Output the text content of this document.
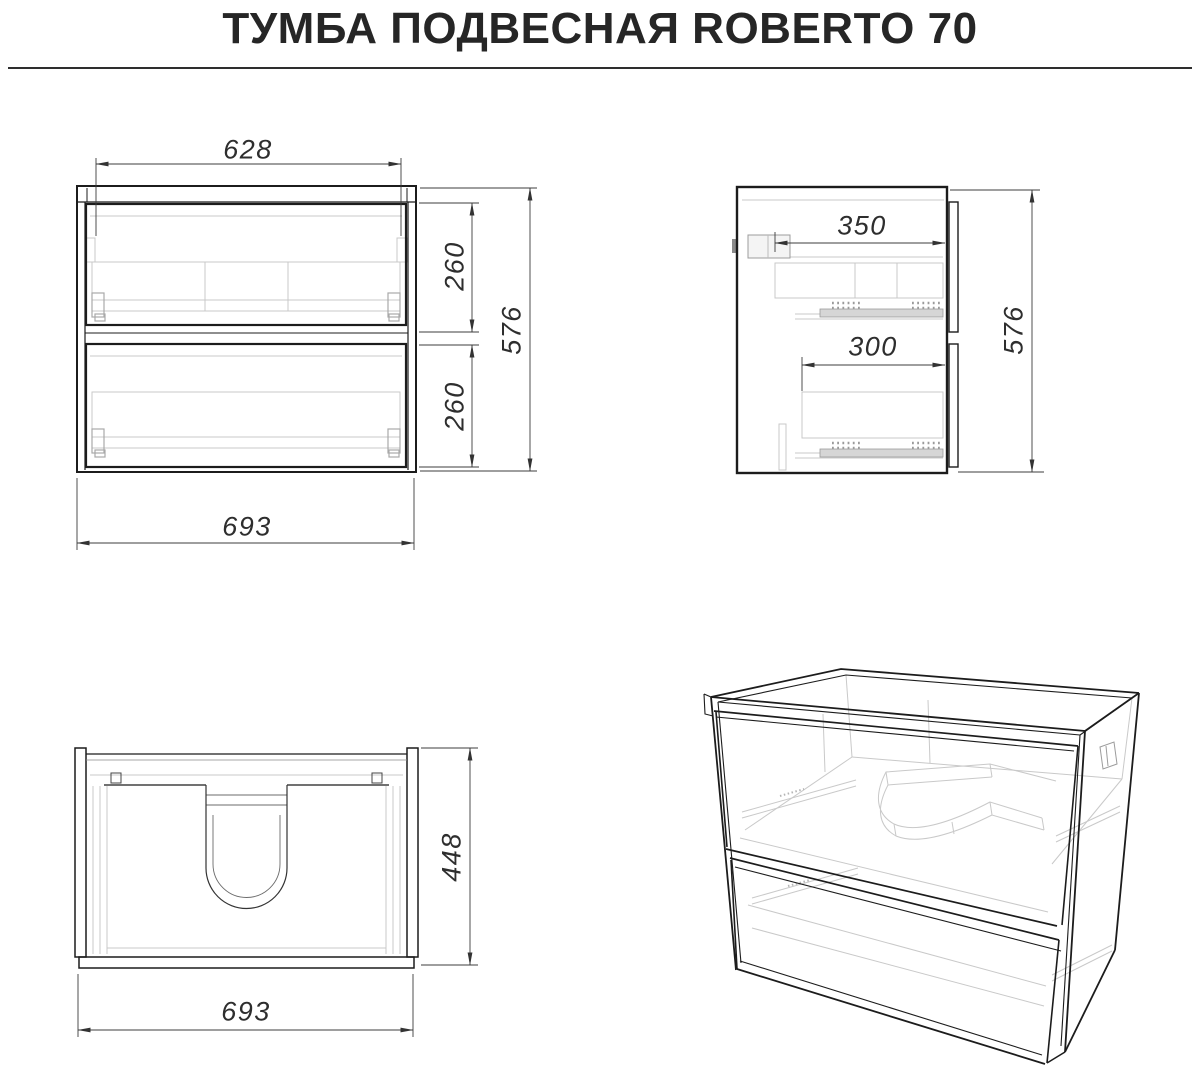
ТУМБА ПОДВЕСНАЯ ROBERTO 70
628
260
576
260
693
350
300	576
448
693
